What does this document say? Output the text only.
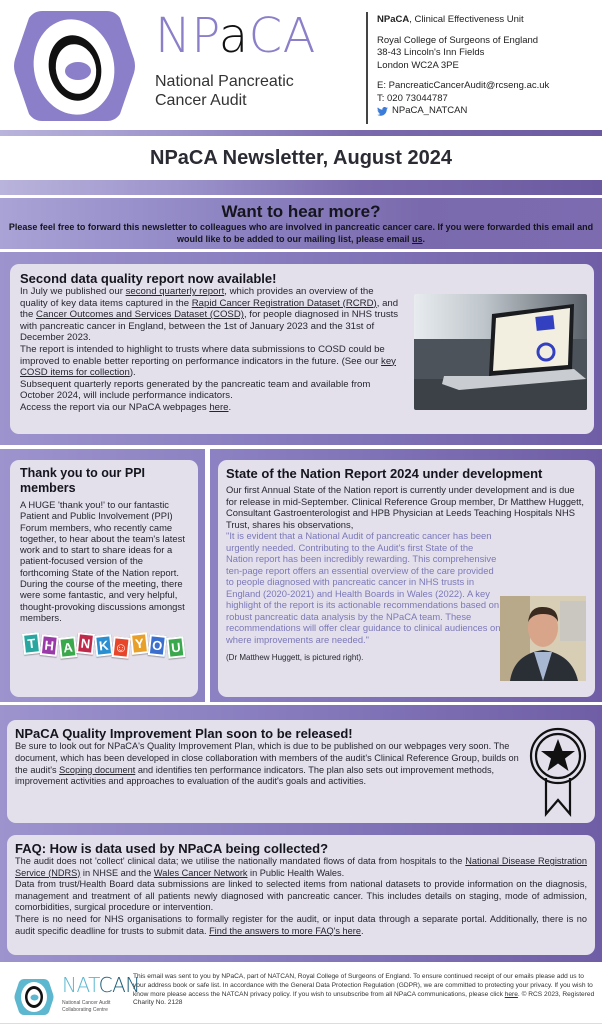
NPaCA
National Pancreatic
Cancer Audit
NPaCA, Clinical Effectiveness Unit
Royal College of Surgeons of England
38-43 Lincoln's Inn Fields
London WC2A 3PE
E: PancreaticCancerAudit@rcseng.ac.uk
T: 020 73044787
NPaCA_NATCAN
NPaCA Newsletter, August 2024
Want to hear more?

Please feel free to forward this newsletter to colleagues who are involved in pancreatic cancer care. If you were forwarded this email and would like to be added to our mailing list, please email us.

Second data quality report now available!

In July we published our second quarterly report, which provides an overview of the quality of key data items captured in the Rapid Cancer Registration Dataset (RCRD), and the Cancer Outcomes and Services Dataset (COSD), for people diagnosed in NHS trusts with pancreatic cancer in England, between the 1st of January 2023 and the 31st of December 2023.

The report is intended to highlight to trusts where data submissions to COSD could be improved to enable better reporting on performance indicators in the future. (See our key COSD items for collection).

Subsequent quarterly reports generated by the pancreatic team and available from October 2024, will include performance indicators.

Access the report via our NPaCA webpages here.

Thank you to our PPI members

A HUGE 'thank you!' to our fantastic Patient and Public Involvement (PPI) Forum members, who recently came together, to hear about the team's latest work and to start to share ideas for a patient-focused version of the forthcoming State of the Nation report.

During the course of the meeting, there were some fantastic, and very helpful, thought-provoking discussions amongst members.

T H A N K ☺ Y O U
State of the Nation Report 2024 under development

Our first Annual State of the Nation report is currently under development and is due for release in mid-September. Clinical Reference Group member, Dr Matthew Huggett, Consultant Gastroenterologist and HPB Physician at Leeds Teaching Hospitals NHS Trust, shares his observations,

"It is evident that a National Audit of pancreatic cancer has been urgently needed. Contributing to the Audit's first State of the Nation report has been incredibly rewarding. This comprehensive ten-page report offers an essential overview of the care provided to people diagnosed with pancreatic cancer in NHS trusts in England (2020-2021) and Health Boards in Wales (2022). A key highlight of the report is its actionable recommendations based on robust pancreatic data analysis by the NPaCA team. These recommendations will offer clear guidance to clinical audiences on where improvements are needed."

(Dr Matthew Huggett, is pictured right).

NPaCA Quality Improvement Plan soon to be released!

Be sure to look out for NPaCA's Quality Improvement Plan, which is due to be published on our webpages very soon. The document, which has been developed in close collaboration with members of the audit's Clinical Reference Group, builds on the audit's Scoping document and identifies ten performance indicators. The plan also sets out improvement methods, improvement activities and approaches to evaluation of the audit's goals and activities.

FAQ: How is data used by NPaCA being collected?

The audit does not 'collect' clinical data; we utilise the nationally mandated flows of data from hospitals to the National Disease Registration Service (NDRS) in NHSE and the Wales Cancer Network in Public Health Wales.

Data from trust/Health Board data submissions are linked to selected items from national datasets to provide information on the diagnosis, management and treatment of all patients newly diagnosed with pancreatic cancer. This includes details on staging, mode of admission, comorbidities, surgical procedure or intervention.

There is no need for NHS organisations to formally register for the audit, or input data through a separate portal. Additionally, there is no audit specific deadline for trusts to submit data. Find the answers to more FAQ's here.

NATCAN
National Cancer Audit
Collaborating Centre
This email was sent to you by NPaCA, part of NATCAN, Royal College of Surgeons of England. To ensure continued receipt of our emails please add us to your address book or safe list. In accordance with the General Data Protection Regulation (GDPR), we are committed to protecting your privacy. If you wish to know more please access the NATCAN privacy policy. If you wish to unsubscribe from all NPaCA communications, please click here. © RCS 2023, Registered Charity No. 2128
